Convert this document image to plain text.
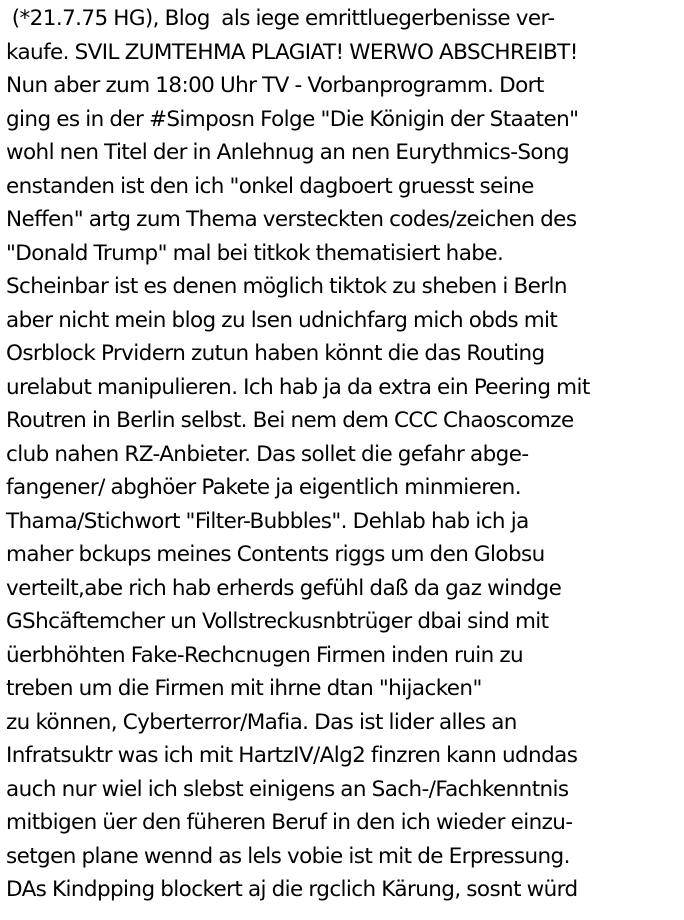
(*21.7.75 HG), Blog  als iege emrittluegerbenisse ver-
kaufe. SVIL ZUMTEHMA PLAGIAT! WERWO ABSCHREIBT!
Nun aber zum 18:00 Uhr TV - Vorbanprogramm. Dort
ging es in der #Simposn Folge "Die Königin der Staaten"
wohl nen Titel der in Anlehnug an nen Eurythmics-Song
enstanden ist den ich "onkel dagboert gruesst seine
Neffen" artg zum Thema versteckten codes/zeichen des
"Donald Trump" mal bei titkok thematisiert habe.
Scheinbar ist es denen möglich tiktok zu sheben i Berln
aber nicht mein blog zu lsen udnichfarg mich obds mit
Osrblock Prvidern zutun haben könnt die das Routing
urelabut manipulieren. Ich hab ja da extra ein Peering mit
Routren in Berlin selbst. Bei nem dem CCC Chaoscomze
club nahen RZ-Anbieter. Das sollet die gefahr abge-
fangener/ abghöer Pakete ja eigentlich minmieren.
Thama/Stichwort "Filter-Bubbles". Dehlab hab ich ja
maher bckups meines Contents riggs um den Globsu
verteilt,abe rich hab erherds gefühl daß da gaz windge
GShcäftemcher un Vollstreckusnbtrüger dbai sind mit
üerbhöhten Fake-Rechcnugen Firmen inden ruin zu
treben um die Firmen mit ihrne dtan "hijacken"
zu können, Cyberterror/Mafia. Das ist lider alles an
Infratsuktr was ich mit HartzIV/Alg2 finzren kann udndas
auch nur wiel ich slebst einigens an Sach-/Fachkenntnis
mitbigen üer den füheren Beruf in den ich wieder einzu-
setgen plane wennd as lels vobie ist mit de Erpressung.
DAs Kindpping blockert aj die rgclich Kärung, sosnt würd
